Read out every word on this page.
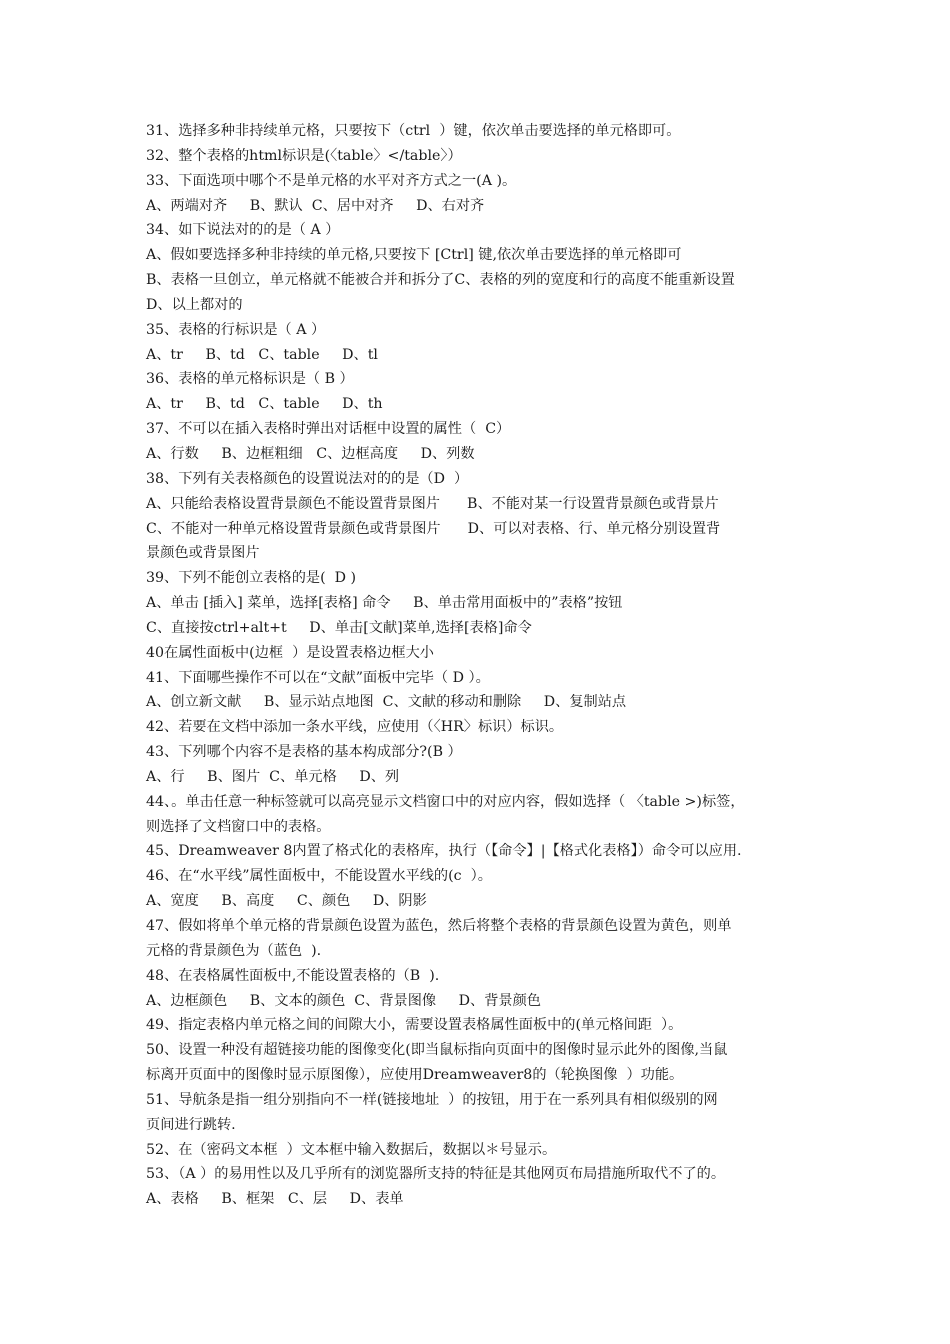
31、选择多种非持续单元格，只要按下（ctrl  ）键，依次单击要选择的单元格即可。
32、整个表格的html标识是(〈table〉</table〉）
33、下面选项中哪个不是单元格的水平对齐方式之一(A )。
A、两端对齐     B、默认  C、居中对齐     D、右对齐
34、如下说法对的的是（ A ）
A、假如要选择多种非持续的单元格,只要按下 [Ctrl] 键,依次单击要选择的单元格即可
B、表格一旦创立，单元格就不能被合并和拆分了C、表格的列的宽度和行的高度不能重新设置
D、以上都对的
35、表格的行标识是（ A ）
A、tr     B、td   C、table     D、tl
36、表格的单元格标识是（ B ）
A、tr     B、td   C、table     D、th
37、不可以在插入表格时弹出对话框中设置的属性（  C）
A、行数     B、边框粗细   C、边框高度     D、列数
38、下列有关表格颜色的设置说法对的的是（D  ）
A、只能给表格设置背景颜色不能设置背景图片      B、不能对某一行设置背景颜色或背景片
C、不能对一种单元格设置背景颜色或背景图片      D、可以对表格、行、单元格分别设置背
景颜色或背景图片
39、下列不能创立表格的是(  D )
A、单击 [插入] 菜单，选择[表格] 命令     B、单击常用面板中的”表格”按钮
C、直接按ctrl+alt+t     D、单击[文献]菜单,选择[表格]命令
40在属性面板中(边框  ）是设置表格边框大小
41、下面哪些操作不可以在“文献”面板中完毕（ D ）。
A、创立新文献     B、显示站点地图  C、文献的移动和删除     D、复制站点
42、若要在文档中添加一条水平线，应使用（〈HR〉标识）标识。
43、下列哪个内容不是表格的基本构成部分?(B ）
A、行     B、图片  C、单元格     D、列
44、。单击任意一种标签就可以高亮显示文档窗口中的对应内容，假如选择（ 〈table >)标签，
则选择了文档窗口中的表格。
45、Dreamweaver 8内置了格式化的表格库，执行（【命令】|【格式化表格】）命令可以应用.
46、在“水平线”属性面板中，不能设置水平线的(c  ）。
A、宽度     B、高度     C、颜色     D、阴影
47、假如将单个单元格的背景颜色设置为蓝色，然后将整个表格的背景颜色设置为黄色，则单
元格的背景颜色为（蓝色  ).
48、在表格属性面板中,不能设置表格的（B  ).
A、边框颜色     B、文本的颜色  C、背景图像     D、背景颜色
49、指定表格内单元格之间的间隙大小，需要设置表格属性面板中的(单元格间距  ）。
50、设置一种没有超链接功能的图像变化(即当鼠标指向页面中的图像时显示此外的图像,当鼠
标离开页面中的图像时显示原图像），应使用Dreamweaver8的（轮换图像  ）功能。
51、导航条是指一组分别指向不一样(链接地址  ）的按钮，用于在一系列具有相似级别的网
页间进行跳转.
52、在（密码文本框  ）文本框中输入数据后，数据以＊号显示。
53、（A ）的易用性以及几乎所有的浏览器所支持的特征是其他网页布局措施所取代不了的。
A、表格     B、框架   C、层     D、表单
